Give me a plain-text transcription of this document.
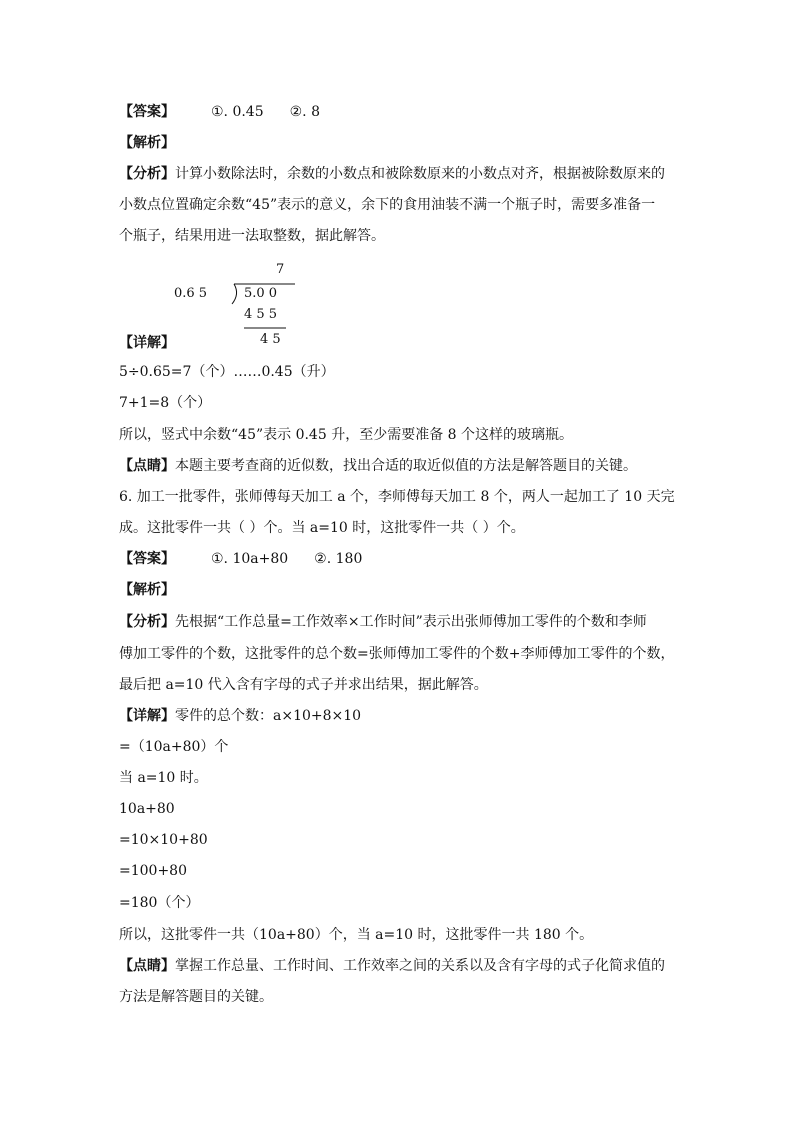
【答案】	①. 0.45 ②. 8
【解析】
【分析】计算小数除法时，余数的小数点和被除数原来的小数点对齐，根据被除数原来的
小数点位置确定余数“45”表示的意义，余下的食用油装不满一个瓶子时，需要多准备一
个瓶子，结果用进一法取整数，据此解答。
7
0.6 5	5.0 0
4 5 5
4 5
【详解】
5÷0.65=7（个）……0.45（升）
7+1=8（个）
所以，竖式中余数“45”表示 0.45 升，至少需要准备 8 个这样的玻璃瓶。
【点睛】本题主要考查商的近似数，找出合适的取近似值的方法是解答题目的关键。
6. 加工一批零件，张师傅每天加工 a 个，李师傅每天加工 8 个，两人一起加工了 10 天完
成。这批零件一共（ ）个。当 a=10 时，这批零件一共（ ）个。
【答案】	①. 10a+80 ②. 180
【解析】
【分析】先根据“工作总量=工作效率×工作时间”表示出张师傅加工零件的个数和李师
傅加工零件的个数，这批零件的总个数=张师傅加工零件的个数+李师傅加工零件的个数，
最后把 a=10 代入含有字母的式子并求出结果，据此解答。
【详解】零件的总个数：a×10+8×10
=（10a+80）个
当 a=10 时。
10a+80
=10×10+80
=100+80
=180（个）
所以，这批零件一共（10a+80）个，当 a=10 时，这批零件一共 180 个。
【点睛】掌握工作总量、工作时间、工作效率之间的关系以及含有字母的式子化简求值的
方法是解答题目的关键。
